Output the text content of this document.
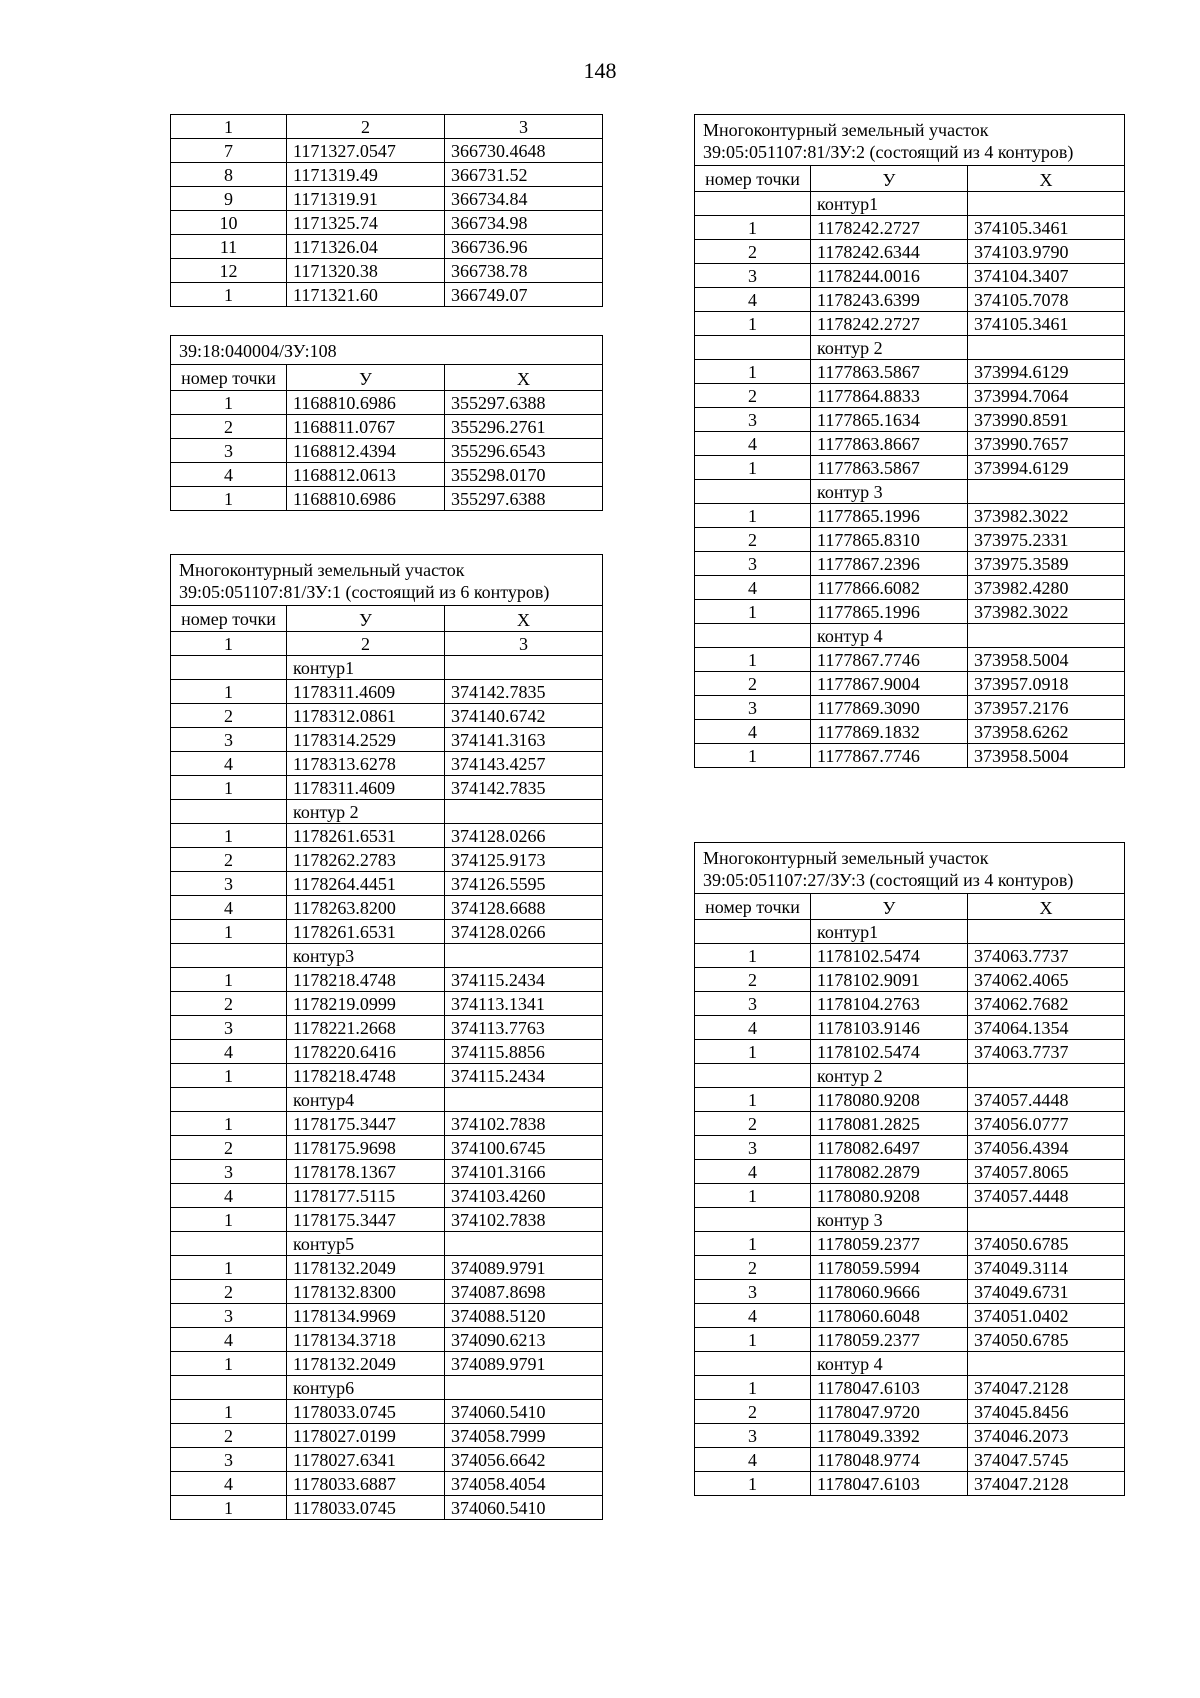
148
1	2	3
7	1171327.0547	366730.4648
8	1171319.49	366731.52
9	1171319.91	366734.84
10	1171325.74	366734.98
11	1171326.04	366736.96
12	1171320.38	366738.78
1	1171321.60	366749.07
39:18:040004/ЗУ:108		
номер точки	У	Х
1	1168810.6986	355297.6388
2	1168811.0767	355296.2761
3	1168812.4394	355296.6543
4	1168812.0613	355298.0170
1	1168810.6986	355297.6388
Многоконтурный земельный участок 39:05:051107:81/ЗУ:1 (состоящий из 6 контуров)		
номер точки	У	Х
1	2	3
	контур1	
1	1178311.4609	374142.7835
2	1178312.0861	374140.6742
3	1178314.2529	374141.3163
4	1178313.6278	374143.4257
1	1178311.4609	374142.7835
	контур 2	
1	1178261.6531	374128.0266
2	1178262.2783	374125.9173
3	1178264.4451	374126.5595
4	1178263.8200	374128.6688
1	1178261.6531	374128.0266
	контур3	
1	1178218.4748	374115.2434
2	1178219.0999	374113.1341
3	1178221.2668	374113.7763
4	1178220.6416	374115.8856
1	1178218.4748	374115.2434
	контур4	
1	1178175.3447	374102.7838
2	1178175.9698	374100.6745
3	1178178.1367	374101.3166
4	1178177.5115	374103.4260
1	1178175.3447	374102.7838
	контур5	
1	1178132.2049	374089.9791
2	1178132.8300	374087.8698
3	1178134.9969	374088.5120
4	1178134.3718	374090.6213
1	1178132.2049	374089.9791
	контур6	
1	1178033.0745	374060.5410
2	1178027.0199	374058.7999
3	1178027.6341	374056.6642
4	1178033.6887	374058.4054
1	1178033.0745	374060.5410
Многоконтурный земельный участок 39:05:051107:81/ЗУ:2 (состоящий из 4 контуров)		
номер точки	У	Х
	контур1	
1	1178242.2727	374105.3461
2	1178242.6344	374103.9790
3	1178244.0016	374104.3407
4	1178243.6399	374105.7078
1	1178242.2727	374105.3461
	контур 2	
1	1177863.5867	373994.6129
2	1177864.8833	373994.7064
3	1177865.1634	373990.8591
4	1177863.8667	373990.7657
1	1177863.5867	373994.6129
	контур 3	
1	1177865.1996	373982.3022
2	1177865.8310	373975.2331
3	1177867.2396	373975.3589
4	1177866.6082	373982.4280
1	1177865.1996	373982.3022
	контур 4	
1	1177867.7746	373958.5004
2	1177867.9004	373957.0918
3	1177869.3090	373957.2176
4	1177869.1832	373958.6262
1	1177867.7746	373958.5004
Многоконтурный земельный участок 39:05:051107:27/ЗУ:3 (состоящий из 4 контуров)		
номер точки	У	Х
	контур1	
1	1178102.5474	374063.7737
2	1178102.9091	374062.4065
3	1178104.2763	374062.7682
4	1178103.9146	374064.1354
1	1178102.5474	374063.7737
	контур 2	
1	1178080.9208	374057.4448
2	1178081.2825	374056.0777
3	1178082.6497	374056.4394
4	1178082.2879	374057.8065
1	1178080.9208	374057.4448
	контур 3	
1	1178059.2377	374050.6785
2	1178059.5994	374049.3114
3	1178060.9666	374049.6731
4	1178060.6048	374051.0402
1	1178059.2377	374050.6785
	контур 4	
1	1178047.6103	374047.2128
2	1178047.9720	374045.8456
3	1178049.3392	374046.2073
4	1178048.9774	374047.5745
1	1178047.6103	374047.2128
